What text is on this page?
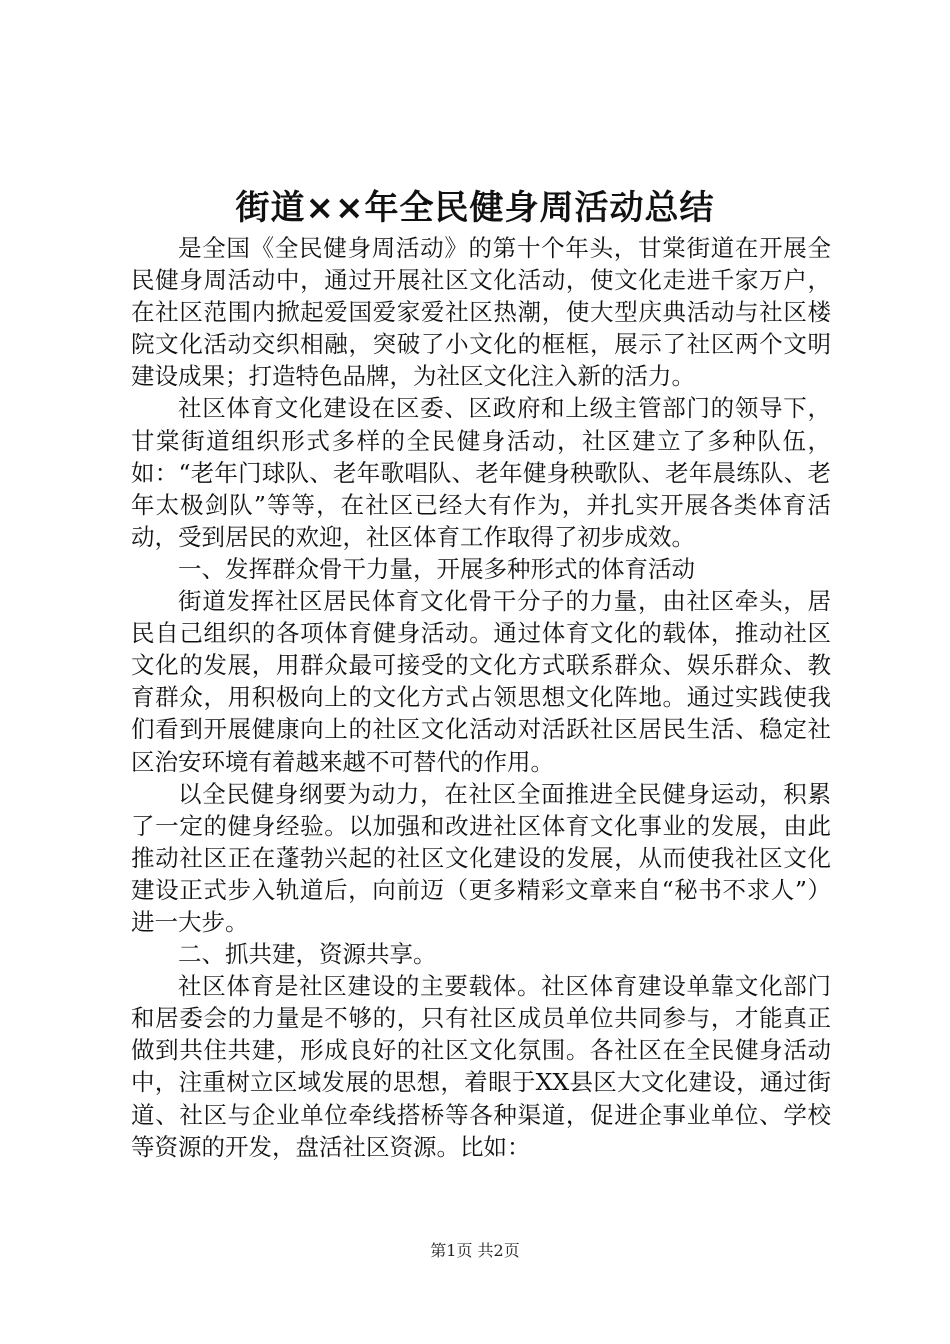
街道××年全民健身周活动总结

是全国《全民健身周活动》的第十个年头，甘棠街道在开展全民健身周活动中，通过开展社区文化活动，使文化走进千家万户，在社区范围内掀起爱国爱家爱社区热潮，使大型庆典活动与社区楼院文化活动交织相融，突破了小文化的框框，展示了社区两个文明建设成果；打造特色品牌，为社区文化注入新的活力。

社区体育文化建设在区委、区政府和上级主管部门的领导下，甘棠街道组织形式多样的全民健身活动，社区建立了多种队伍，如：“老年门球队、老年歌唱队、老年健身秧歌队、老年晨练队、老年太极剑队”等等，在社区已经大有作为，并扎实开展各类体育活动，受到居民的欢迎，社区体育工作取得了初步成效。

一、发挥群众骨干力量，开展多种形式的体育活动

街道发挥社区居民体育文化骨干分子的力量，由社区牵头，居民自己组织的各项体育健身活动。通过体育文化的载体，推动社区文化的发展，用群众最可接受的文化方式联系群众、娱乐群众、教育群众，用积极向上的文化方式占领思想文化阵地。通过实践使我们看到开展健康向上的社区文化活动对活跃社区居民生活、稳定社区治安环境有着越来越不可替代的作用。

以全民健身纲要为动力，在社区全面推进全民健身运动，积累了一定的健身经验。以加强和改进社区体育文化事业的发展，由此推动社区正在蓬勃兴起的社区文化建设的发展，从而使我社区文化建设正式步入轨道后，向前迈（更多精彩文章来自“秘书不求人”）进一大步。

二、抓共建，资源共享。

社区体育是社区建设的主要载体。社区体育建设单靠文化部门和居委会的力量是不够的，只有社区成员单位共同参与，才能真正做到共住共建，形成良好的社区文化氛围。各社区在全民健身活动中，注重树立区域发展的思想，着眼于XX县区大文化建设，通过街道、社区与企业单位牵线搭桥等各种渠道，促进企事业单位、学校等资源的开发，盘活社区资源。比如：

第1页 共2页
